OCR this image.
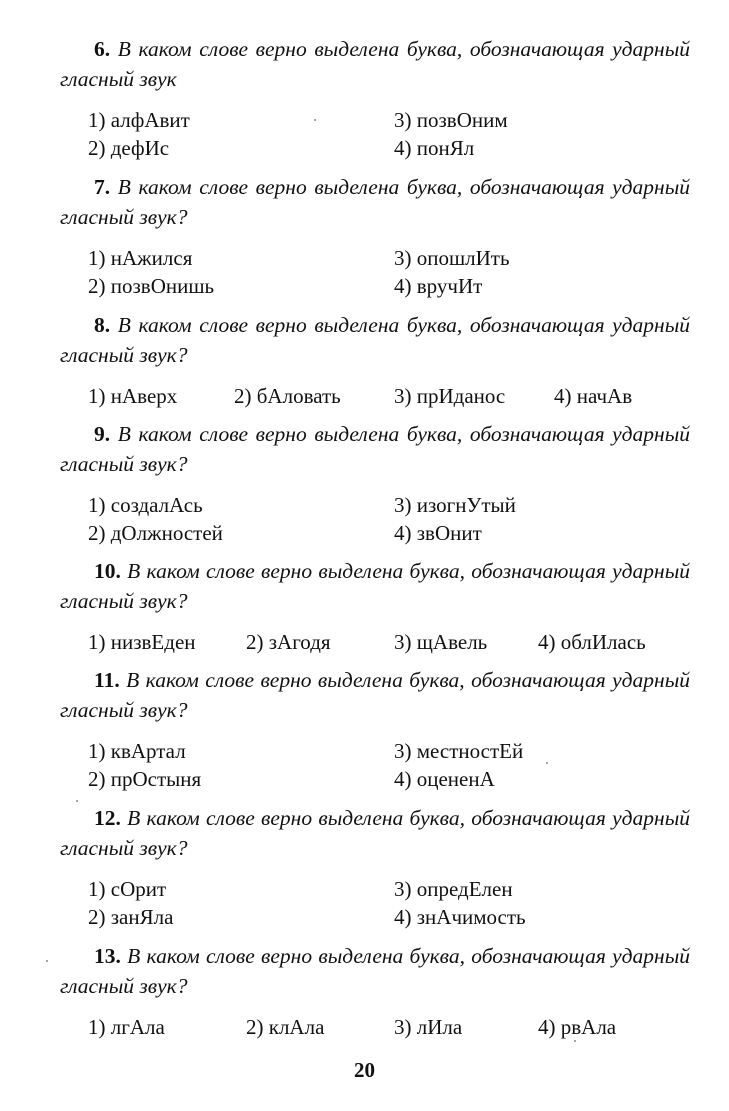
6. В каком слове верно выделена буква, обозначающая ударный гласный звук

1) алфАвит
2) дефИс
3) позвОним
4) понЯл

7. В каком слове верно выделена буква, обозначающая ударный гласный звук?

1) нАжился
2) позвОнишь
3) опошлИть
4) вручИт

8. В каком слове верно выделена буква, обозначающая ударный гласный звук?

1) нАверх	2) бАловать	3) прИданос 4) начАв

9. В каком слове верно выделена буква, обозначающая ударный гласный звук?

1) создалАсь
2) дОлжностей
3) изогнУтый
4) звОнит

10. В каком слове верно выделена буква, обозначающая ударный гласный звук?

1) низвЕден 2) зАгодя	3) щАвель 4) облИлась

11. В каком слове верно выделена буква, обозначающая ударный гласный звук?

1) квАртал
2) прОстыня
3) местностЕй
4) оцененА

12. В каком слове верно выделена буква, обозначающая ударный гласный звук?

1) сОрит
2) занЯла
3) опредЕлен
4) знАчимость

13. В каком слове верно выделена буква, обозначающая ударный гласный звук?

1) лгАла	2) клАла	3) лИла	4) рвАла
20
